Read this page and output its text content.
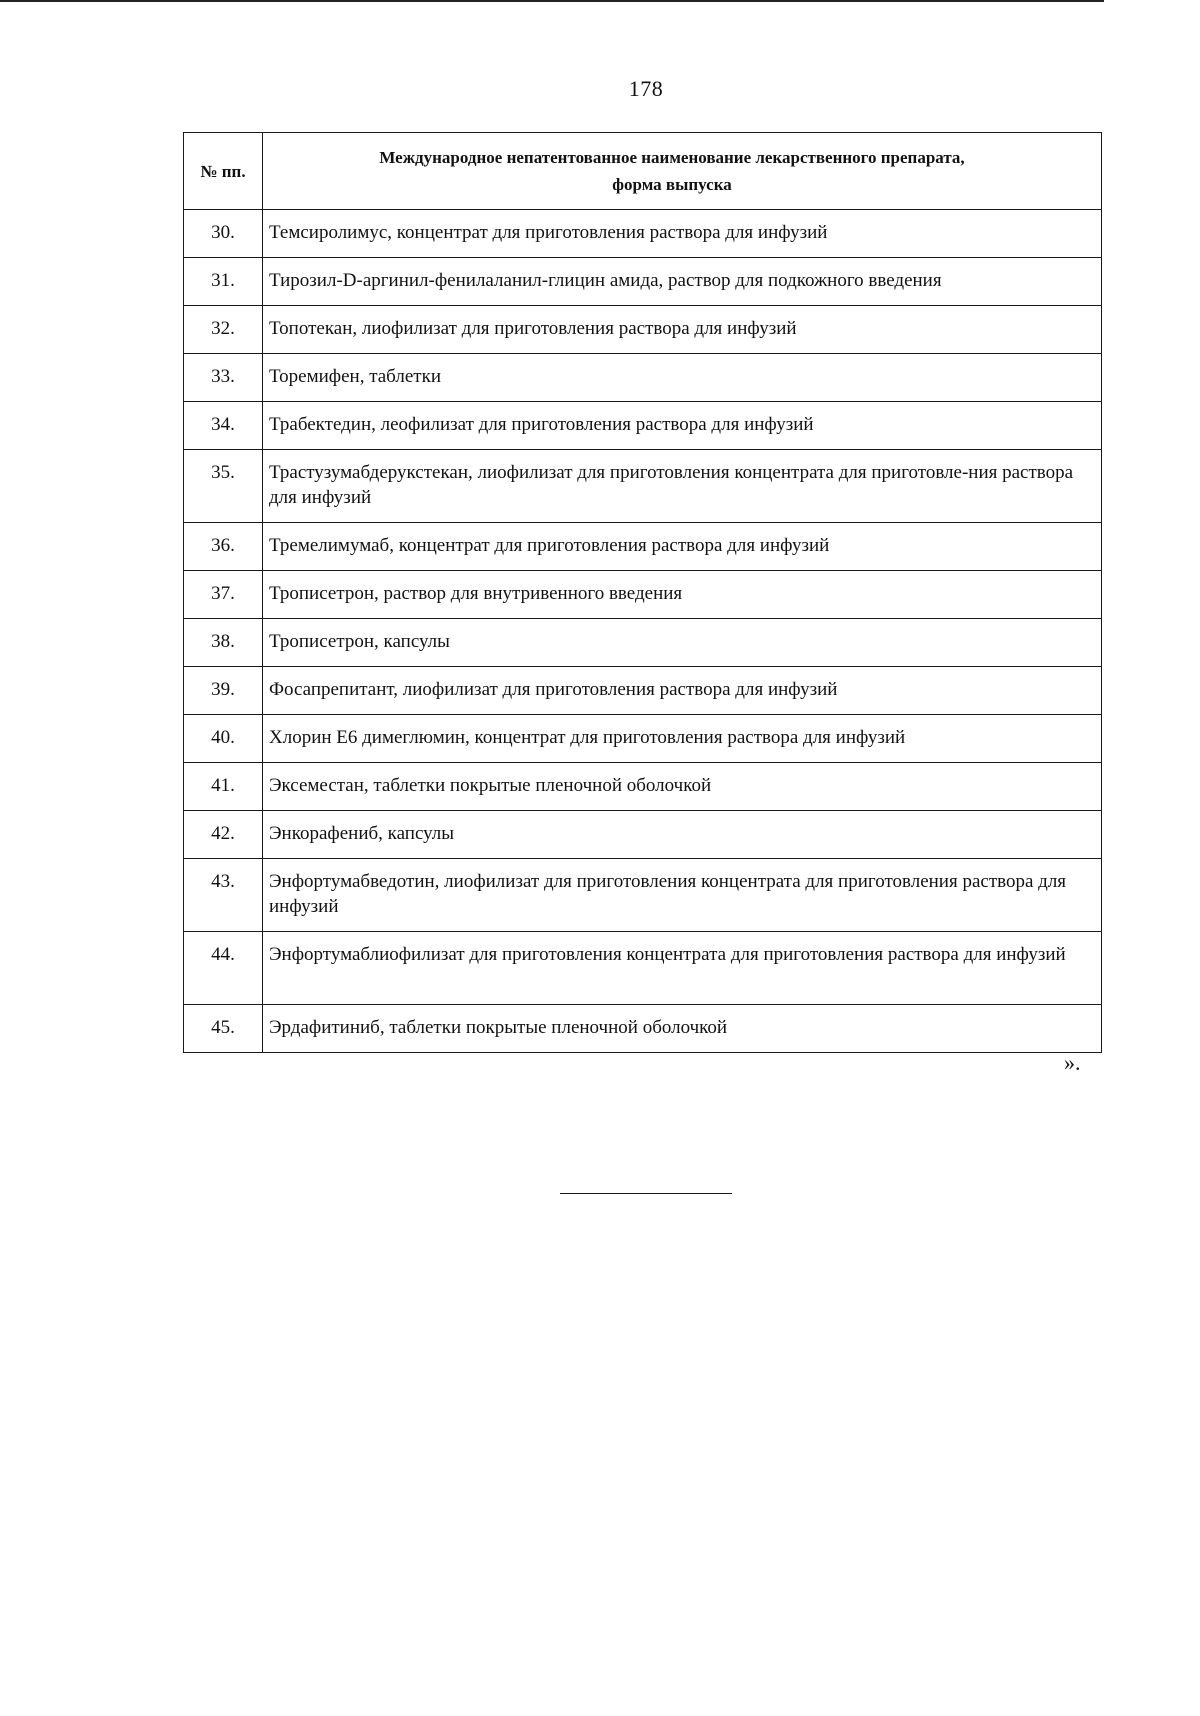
178
№ пп.	Международное непатентованное наименование лекарственного препарата,
форма выпуска
30.	Темсиролимус, концентрат для приготовления раствора для инфузий
31.	Тирозил-D-аргинил-фенилаланил-глицин амида, раствор для подкожного введения
32.	Топотекан, лиофилизат для приготовления раствора для инфузий
33.	Торемифен, таблетки
34.	Трабектедин, леофилизат для приготовления раствора для инфузий
35.	Трастузумабдерукстекан, лиофилизат для приготовления концентрата для приготовле-ния раствора для инфузий
36.	Тремелимумаб, концентрат для приготовления раствора для инфузий
37.	Трописетрон, раствор для внутривенного введения
38.	Трописетрон, капсулы
39.	Фосапрепитант, лиофилизат для приготовления раствора для инфузий
40.	Хлорин Е6 димеглюмин, концентрат для приготовления раствора для инфузий
41.	Эксеместан, таблетки покрытые пленочной оболочкой
42.	Энкорафениб, капсулы
43.	Энфортумабведотин, лиофилизат для приготовления концентрата для приготовления раствора для инфузий
44.	Энфортумаблиофилизат для приготовления концентрата для приготовления раствора для инфузий
45.	Эрдафитиниб, таблетки покрытые пленочной оболочкой
».
